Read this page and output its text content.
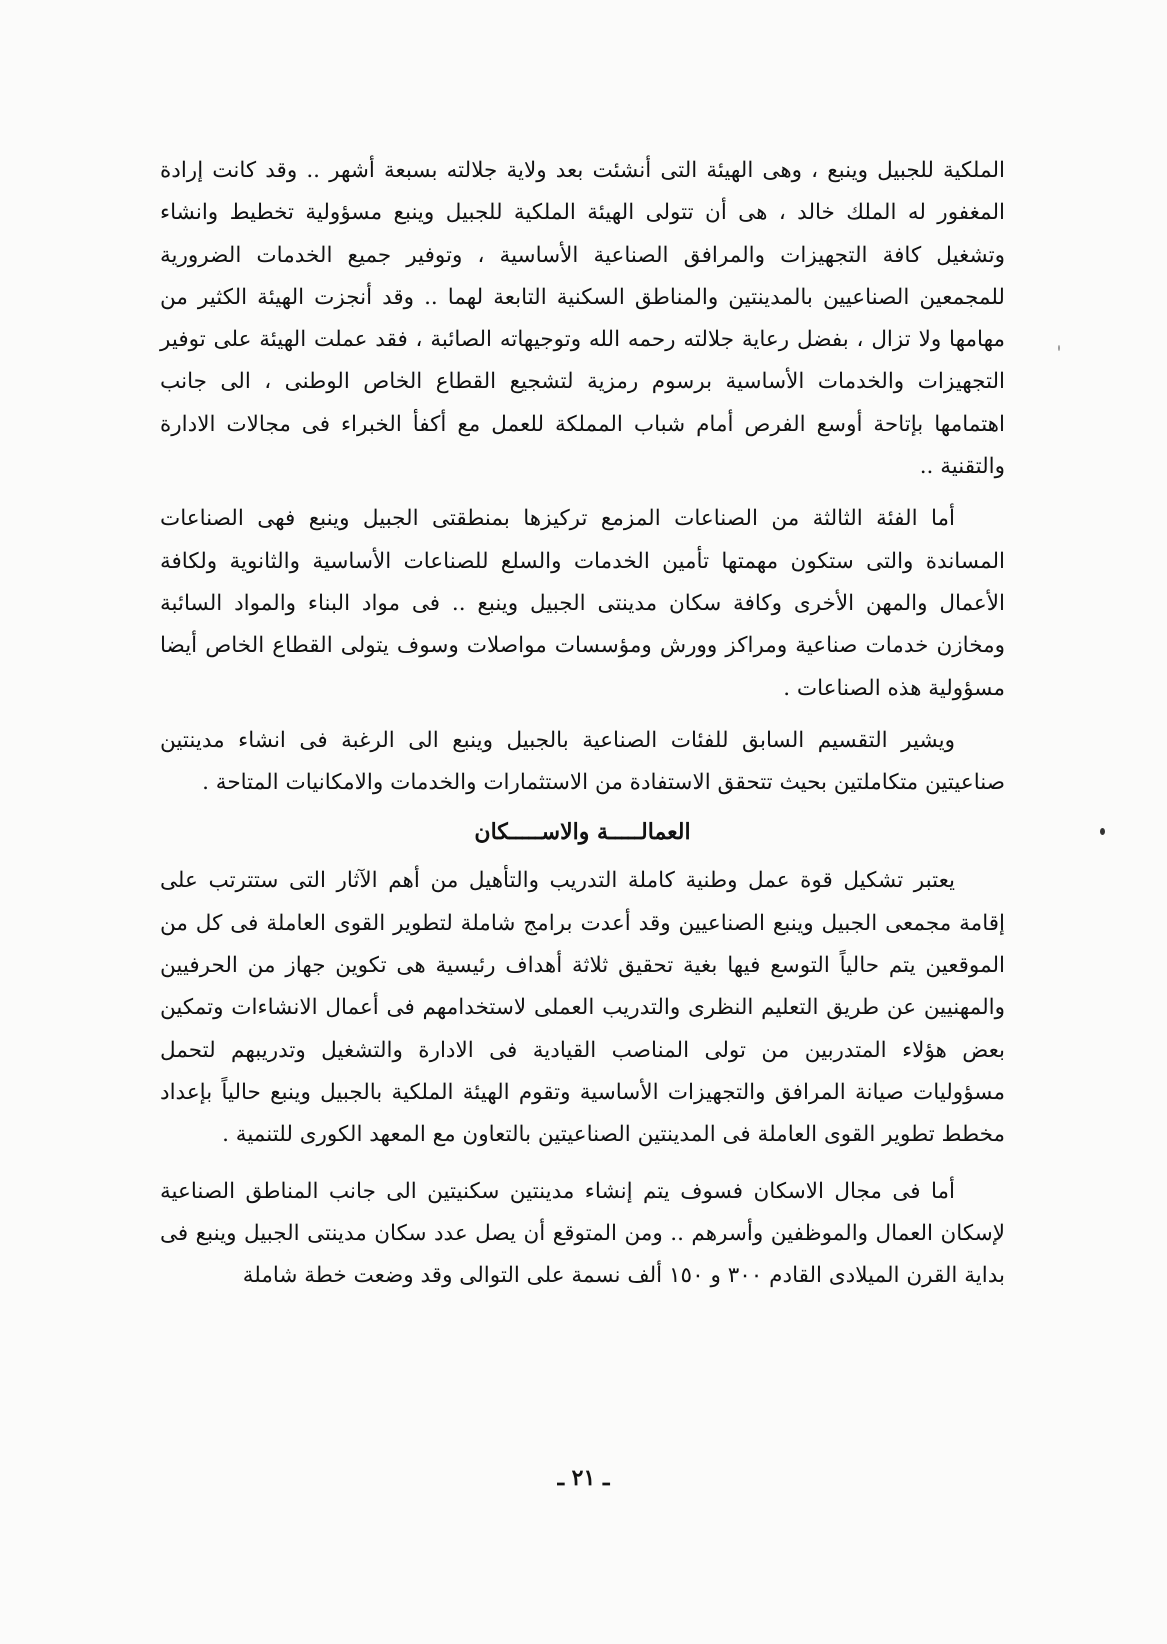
الملكية للجبيل وينبع ، وهى الهيئة التى أنشئت بعد ولاية جلالته بسبعة أشهر .. وقد كانت إرادة المغفور له الملك خالد ، هى أن تتولى الهيئة الملكية للجبيل وينبع مسؤولية تخطيط وانشاء وتشغيل كافة التجهيزات والمرافق الصناعية الأساسية ، وتوفير جميع الخدمات الضرورية للمجمعين الصناعيين بالمدينتين والمناطق السكنية التابعة لهما .. وقد أنجزت الهيئة الكثير من مهامها ولا تزال ، بفضل رعاية جلالته رحمه الله وتوجيهاته الصائبة ، فقد عملت الهيئة على توفير التجهيزات والخدمات الأساسية برسوم رمزية لتشجيع القطاع الخاص الوطنى ، الى جانب اهتمامها بإتاحة أوسع الفرص أمام شباب المملكة للعمل مع أكفأ الخبراء فى مجالات الادارة والتقنية ..

أما الفئة الثالثة من الصناعات المزمع تركيزها بمنطقتى الجبيل وينبع فهى الصناعات المساندة والتى ستكون مهمتها تأمين الخدمات والسلع للصناعات الأساسية والثانوية ولكافة الأعمال والمهن الأخرى وكافة سكان مدينتى الجبيل وينبع .. فى مواد البناء والمواد السائبة ومخازن خدمات صناعية ومراكز وورش ومؤسسات مواصلات وسوف يتولى القطاع الخاص أيضا مسؤولية هذه الصناعات .

ويشير التقسيم السابق للفئات الصناعية بالجبيل وينبع الى الرغبة فى انشاء مدينتين صناعيتين متكاملتين بحيث تتحقق الاستفادة من الاستثمارات والخدمات والامكانيات المتاحة .

العمالـــــة والاســـــكان

يعتبر تشكيل قوة عمل وطنية كاملة التدريب والتأهيل من أهم الآثار التى ستترتب على إقامة مجمعى الجبيل وينبع الصناعيين وقد أعدت برامج شاملة لتطوير القوى العاملة فى كل من الموقعين يتم حالياً التوسع فيها بغية تحقيق ثلاثة أهداف رئيسية هى تكوين جهاز من الحرفيين والمهنيين عن طريق التعليم النظرى والتدريب العملى لاستخدامهم فى أعمال الانشاءات وتمكين بعض هؤلاء المتدربين من تولى المناصب القيادية فى الادارة والتشغيل وتدريبهم لتحمل مسؤوليات صيانة المرافق والتجهيزات الأساسية وتقوم الهيئة الملكية بالجبيل وينبع حالياً بإعداد مخطط تطوير القوى العاملة فى المدينتين الصناعيتين بالتعاون مع المعهد الكورى للتنمية .

أما فى مجال الاسكان فسوف يتم إنشاء مدينتين سكنيتين الى جانب المناطق الصناعية لإسكان العمال والموظفين وأسرهم .. ومن المتوقع أن يصل عدد سكان مدينتى الجبيل وينبع فى بداية القرن الميلادى القادم ٣٠٠ و ١٥٠ ألف نسمة على التوالى وقد وضعت خطة شاملة

ـ ٢١ ـ
